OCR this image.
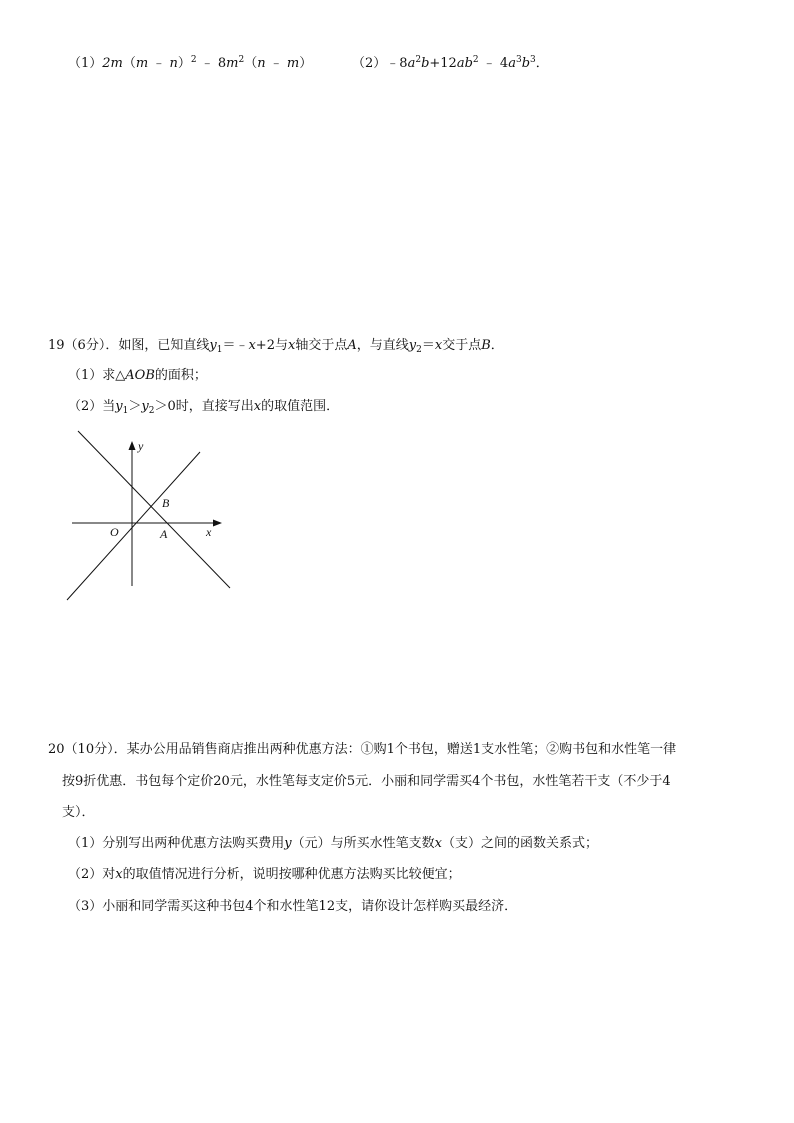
（1）2m（m ﹣ n）$^2$ ﹣ $8m^2(n$ ﹣ m）	$(2)﹣8a^2b+12ab^2$ ﹣ $4a^3b^3$．
19（6分）．如图，已知直线$y_1=﹣x+2$与x轴交于点A，与直线$y_2=x$交于点B．
（1）求△AOB的面积；
（2）当$y_1>y_2>0$时，直接写出x的取值范围．
y
x
O	A
B
20（10分）．某办公用品销售商店推出两种优惠方法：①购1个书包，赠送1支水性笔；②购书包和水性笔一律
按9折优惠．书包每个定价20元，水性笔每支定价5元．小丽和同学需买4个书包，水性笔若干支（不少于4
支）．
（1）分别写出两种优惠方法购买费用y（元）与所买水性笔支数x（支）之间的函数关系式；
（2）对x的取值情况进行分析，说明按哪种优惠方法购买比较便宜；
（3）小丽和同学需买这种书包4个和水性笔12支，请你设计怎样购买最经济．
